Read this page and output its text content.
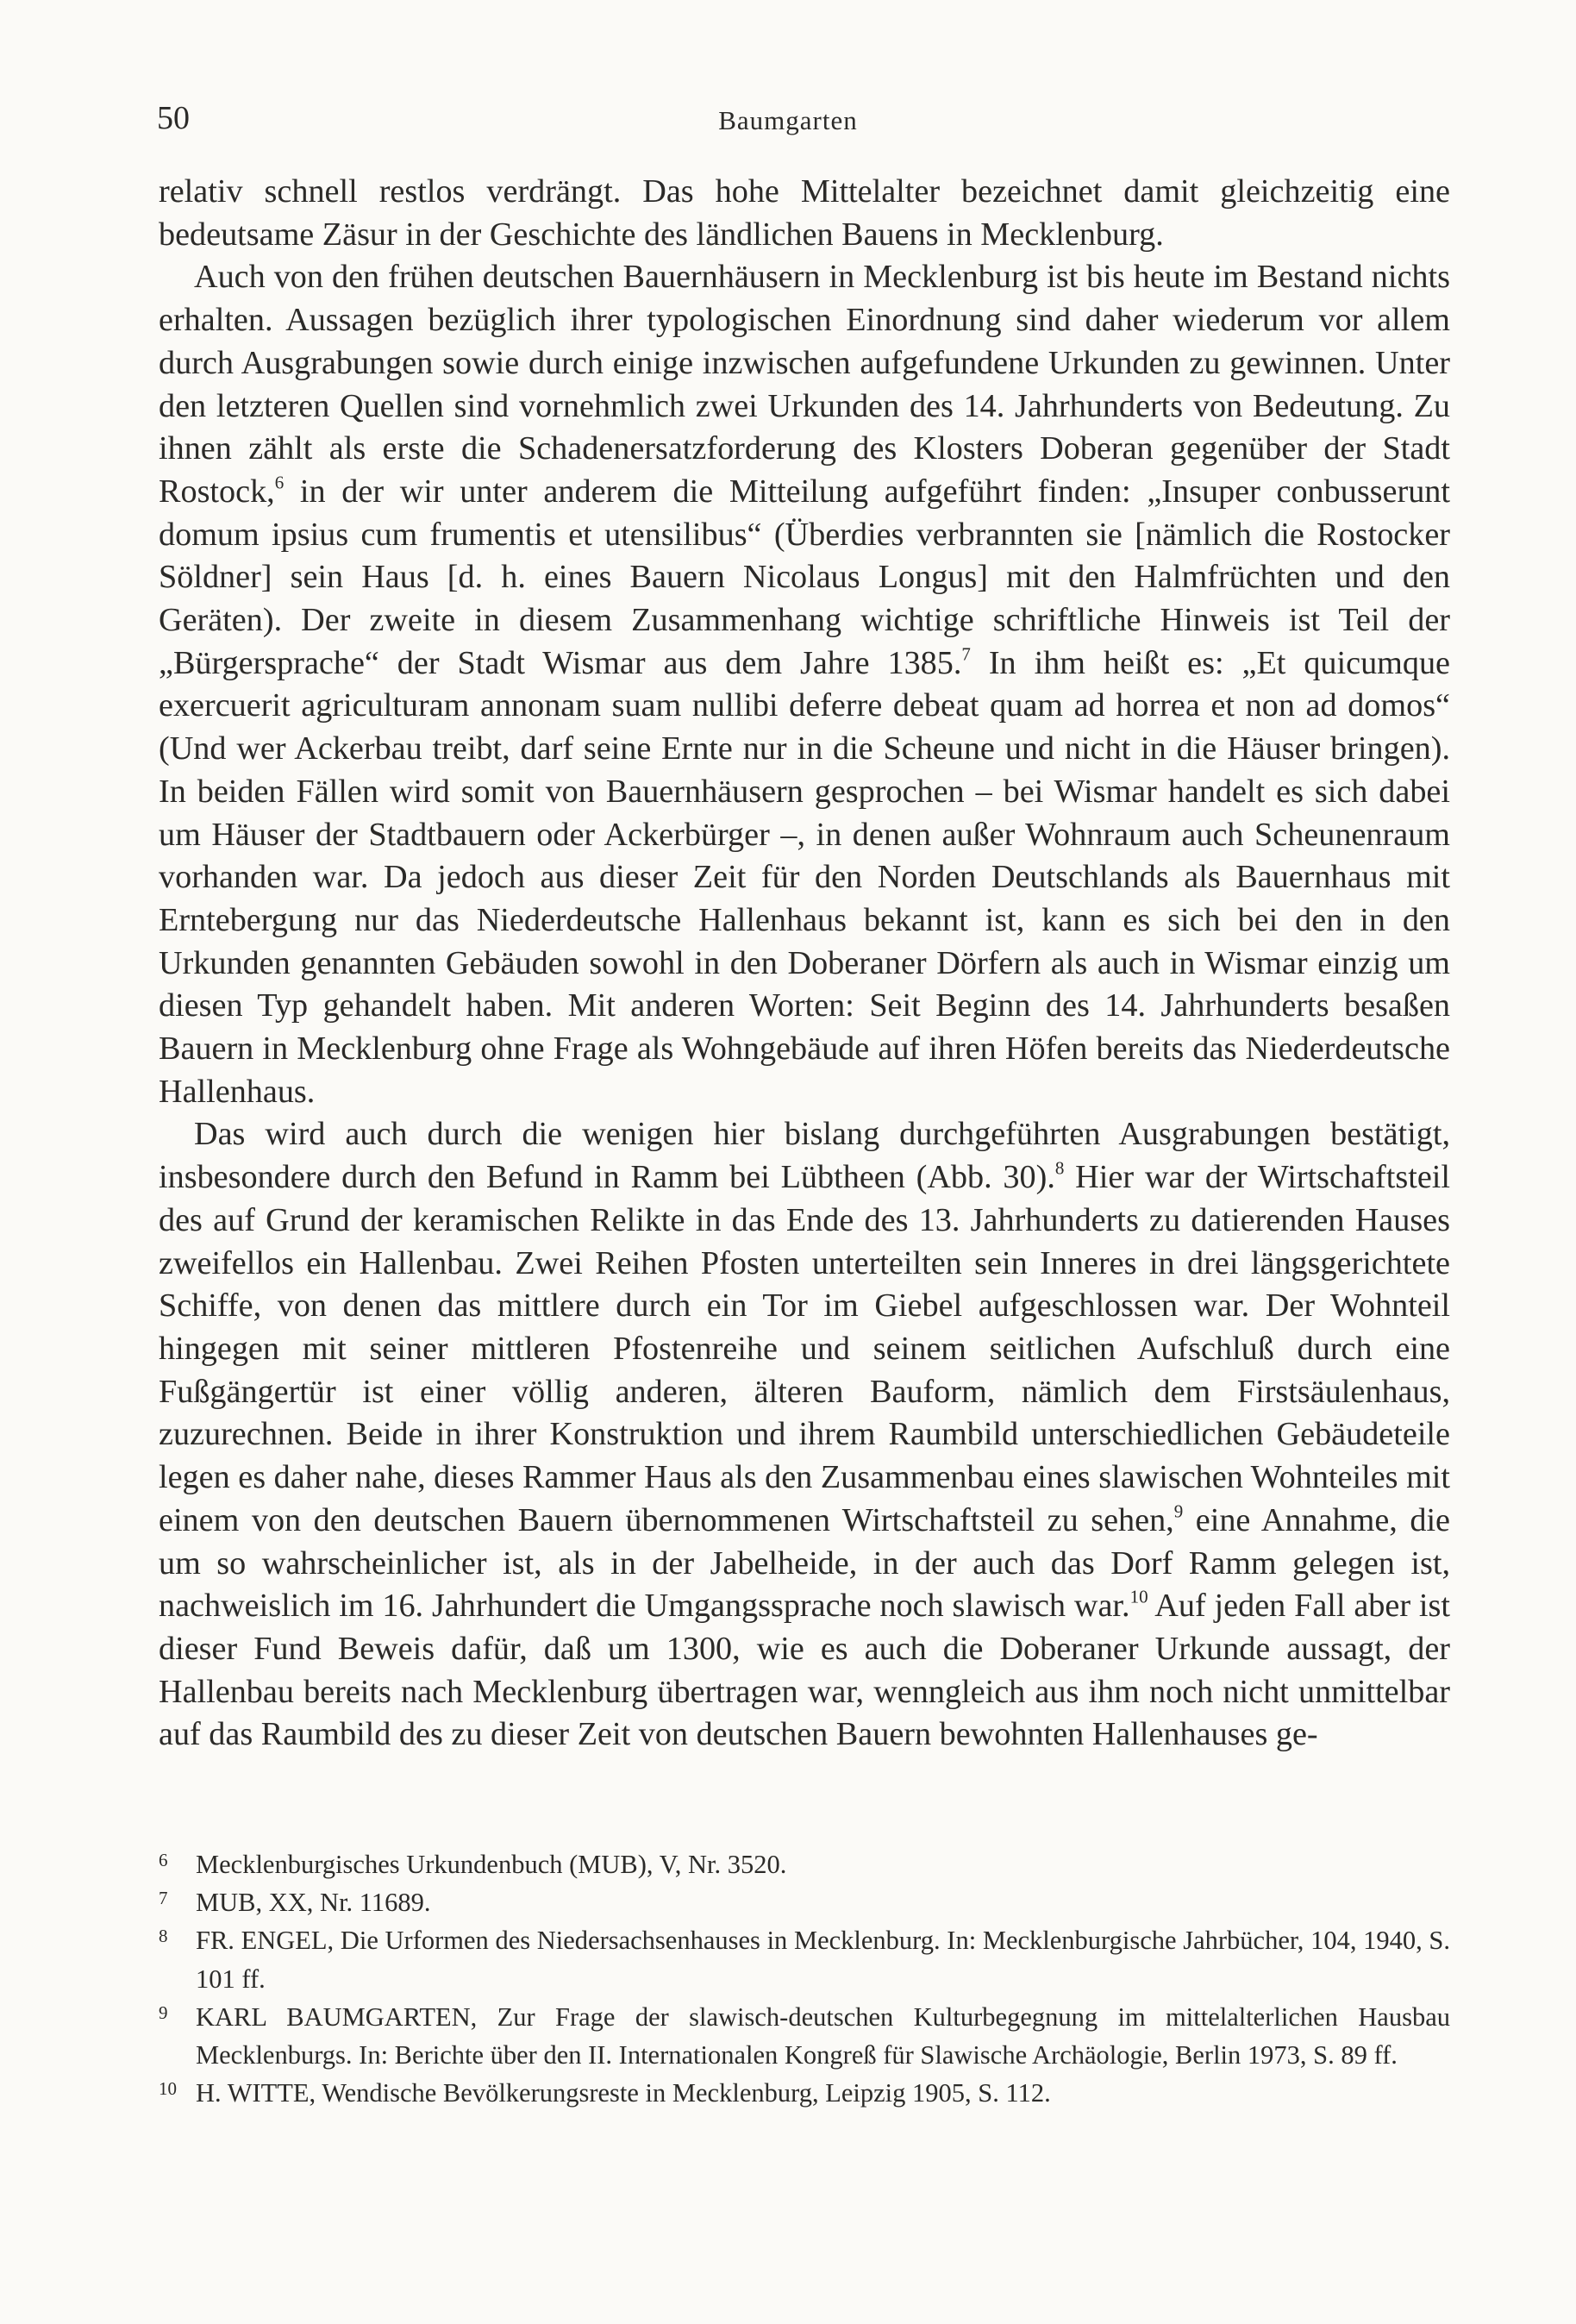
50	Baumgarten

relativ schnell restlos verdrängt. Das hohe Mittelalter bezeichnet damit gleichzeitig eine bedeutsame Zäsur in der Geschichte des ländlichen Bauens in Mecklenburg.

Auch von den frühen deutschen Bauernhäusern in Mecklenburg ist bis heute im Bestand nichts erhalten. Aussagen bezüglich ihrer typologischen Einordnung sind daher wiederum vor allem durch Ausgrabungen sowie durch einige inzwischen aufgefundene Urkunden zu gewinnen. Unter den letzteren Quellen sind vornehmlich zwei Urkunden des 14. Jahrhunderts von Bedeutung. Zu ihnen zählt als erste die Schadenersatzforderung des Klosters Doberan gegenüber der Stadt Rostock,$^6$ in der wir unter anderem die Mitteilung aufgeführt finden: „Insuper conbusserunt domum ipsius cum frumentis et utensilibus“ (Überdies verbrannten sie [nämlich die Rostocker Söldner] sein Haus [d. h. eines Bauern Nicolaus Longus] mit den Halmfrüchten und den Geräten). Der zweite in diesem Zusammenhang wichtige schriftliche Hinweis ist Teil der „Bürgersprache“ der Stadt Wismar aus dem Jahre 1385.$^7$ In ihm heißt es: „Et quicumque exercuerit agriculturam annonam suam nullibi deferre debeat quam ad horrea et non ad domos“ (Und wer Ackerbau treibt, darf seine Ernte nur in die Scheune und nicht in die Häuser bringen). In beiden Fällen wird somit von Bauernhäusern gesprochen – bei Wismar handelt es sich dabei um Häuser der Stadtbauern oder Ackerbürger –, in denen außer Wohnraum auch Scheunenraum vorhanden war. Da jedoch aus dieser Zeit für den Norden Deutschlands als Bauernhaus mit Erntebergung nur das Niederdeutsche Hallenhaus bekannt ist, kann es sich bei den in den Urkunden genannten Gebäuden sowohl in den Doberaner Dörfern als auch in Wismar einzig um diesen Typ gehandelt haben. Mit anderen Worten: Seit Beginn des 14. Jahrhunderts besaßen Bauern in Mecklenburg ohne Frage als Wohngebäude auf ihren Höfen bereits das Niederdeutsche Hallenhaus.

Das wird auch durch die wenigen hier bislang durchgeführten Ausgrabungen bestätigt, insbesondere durch den Befund in Ramm bei Lübtheen (Abb. 30).$^8$ Hier war der Wirtschaftsteil des auf Grund der keramischen Relikte in das Ende des 13. Jahrhunderts zu datierenden Hauses zweifellos ein Hallenbau. Zwei Reihen Pfosten unterteilten sein Inneres in drei längsgerichtete Schiffe, von denen das mittlere durch ein Tor im Giebel aufgeschlossen war. Der Wohnteil hingegen mit seiner mittleren Pfostenreihe und seinem seitlichen Aufschluß durch eine Fußgängertür ist einer völlig anderen, älteren Bauform, nämlich dem Firstsäulenhaus, zuzurechnen. Beide in ihrer Konstruktion und ihrem Raumbild unterschiedlichen Gebäudeteile legen es daher nahe, dieses Rammer Haus als den Zusammenbau eines slawischen Wohnteiles mit einem von den deutschen Bauern übernommenen Wirtschaftsteil zu sehen,$^9$ eine Annahme, die um so wahrscheinlicher ist, als in der Jabelheide, in der auch das Dorf Ramm gelegen ist, nachweislich im 16. Jahrhundert die Umgangssprache noch slawisch war.$^{10}$ Auf jeden Fall aber ist dieser Fund Beweis dafür, daß um 1300, wie es auch die Doberaner Urkunde aussagt, der Hallenbau bereits nach Mecklenburg übertragen war, wenngleich aus ihm noch nicht unmittelbar auf das Raumbild des zu dieser Zeit von deutschen Bauern bewohnten Hallenhauses ge-

6 Mecklenburgisches Urkundenbuch (MUB), V, Nr. 3520.
7 MUB, XX, Nr. 11689.
8 FR. ENGEL, Die Urformen des Niedersachsenhauses in Mecklenburg. In: Mecklenburgische Jahrbücher, 104, 1940, S. 101 ff.
9 KARL BAUMGARTEN, Zur Frage der slawisch-deutschen Kulturbegegnung im mittelalterlichen Hausbau Mecklenburgs. In: Berichte über den II. Internationalen Kongreß für Slawische Archäologie, Berlin 1973, S. 89 ff.
10 H. WITTE, Wendische Bevölkerungsreste in Mecklenburg, Leipzig 1905, S. 112.
